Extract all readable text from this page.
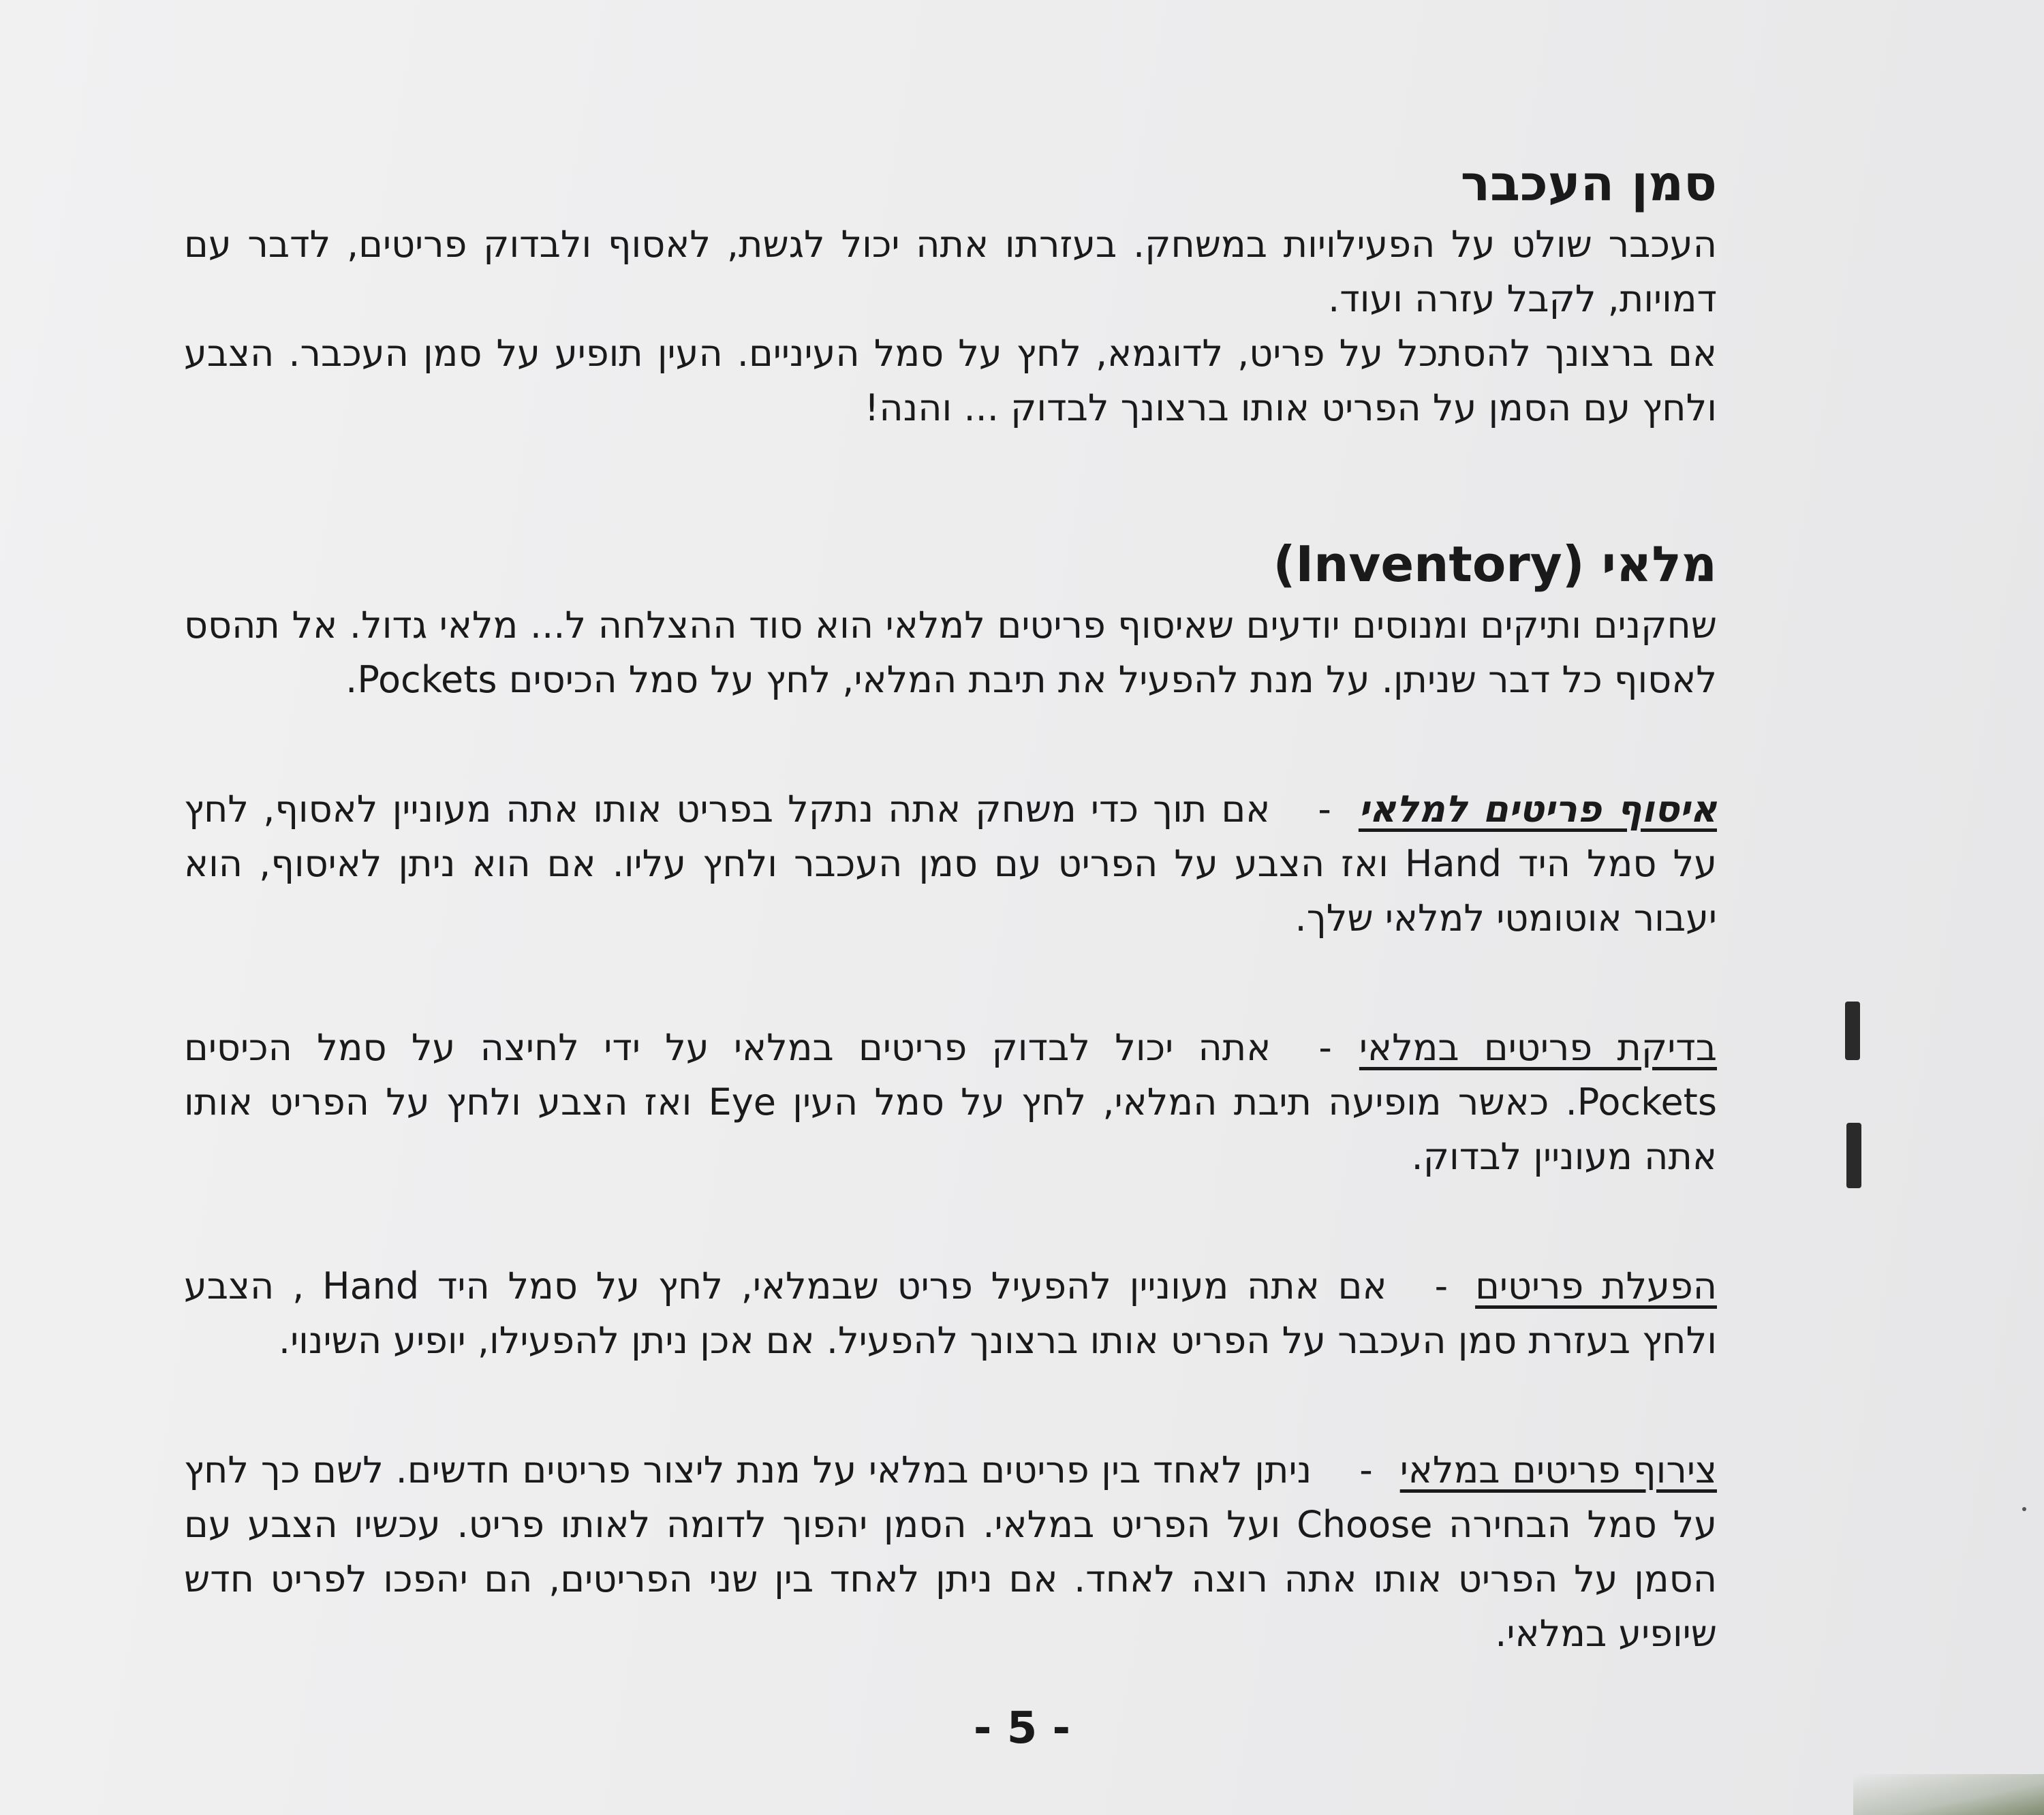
סמן העכבר

העכבר שולט על הפעילויות במשחק. בעזרתו אתה יכול לגשת, לאסוף ולבדוק פריטים, לדבר עם דמויות, לקבל עזרה ועוד.

אם ברצונך להסתכל על פריט, לדוגמא, לחץ על סמל העיניים. העין תופיע על סמן העכבר. הצבע ולחץ עם הסמן על הפריט אותו ברצונך לבדוק ... והנה!

מלאי (Inventory)

שחקנים ותיקים ומנוסים יודעים שאיסוף פריטים למלאי הוא סוד ההצלחה ל... מלאי גדול. אל תהסס לאסוף כל דבר שניתן. על מנת להפעיל את תיבת המלאי, לחץ על סמל הכיסים Pockets.

איסוף פריטים למלאי-אם תוך כדי משחק אתה נתקל בפריט אותו אתה מעוניין לאסוף, לחץ על סמל היד Hand ואז הצבע על הפריט עם סמן העכבר ולחץ עליו. אם הוא ניתן לאיסוף, הוא יעבור אוטומטי למלאי שלך.

בדיקת פריטים במלאי-אתה יכול לבדוק פריטים במלאי על ידי לחיצה על סמל הכיסים Pockets. כאשר מופיעה תיבת המלאי, לחץ על סמל העין Eye ואז הצבע ולחץ על הפריט אותו אתה מעוניין לבדוק.

הפעלת פריטים-אם אתה מעוניין להפעיל פריט שבמלאי, לחץ על סמל היד Hand , הצבע ולחץ בעזרת סמן העכבר על הפריט אותו ברצונך להפעיל. אם אכן ניתן להפעילו, יופיע השינוי.

צירוף פריטים במלאי-ניתן לאחד בין פריטים במלאי על מנת ליצור פריטים חדשים. לשם כך לחץ על סמל הבחירה Choose ועל הפריט במלאי. הסמן יהפוך לדומה לאותו פריט. עכשיו הצבע עם הסמן על הפריט אותו אתה רוצה לאחד. אם ניתן לאחד בין שני הפריטים, הם יהפכו לפריט חדש שיופיע במלאי.

- 5 -
